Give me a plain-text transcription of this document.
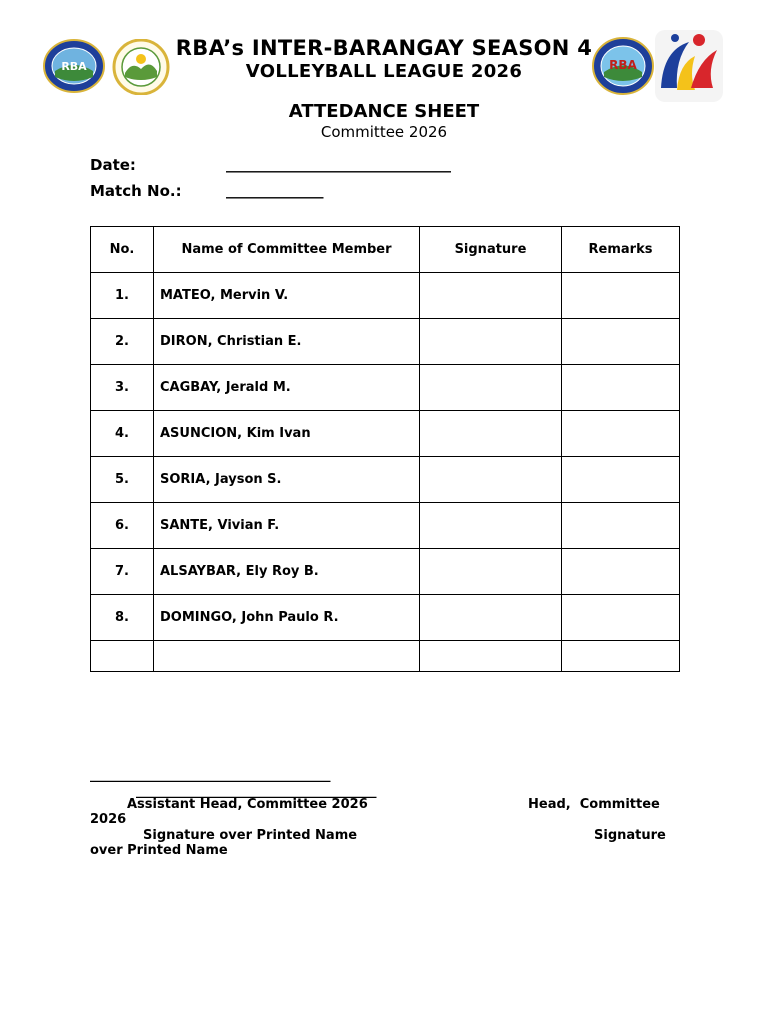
RBA	RBA
RBA’s INTER-BARANGAY SEASON 4
VOLLEYBALL LEAGUE 2026
ATTEDANCE SHEET
Committee 2026
Date:	______________________________
Match No.:	_____________
No.	Name of Committee Member	Signature	Remarks
1.	MATEO, Mervin V.		
2.	DIRON, Christian E.		
3.	CAGBAY, Jerald M.		
4.	ASUNCION, Kim Ivan		
5.	SORIA, Jayson S.		
6.	SANTE, Vivian F.		
7.	ALSAYBAR, Ely Roy B.		
8.	DOMINGO, John Paulo R.		

_____________________________________
_____________________________________
Assistant Head, Committee 2026	Head,  Committee
2026
Signature over Printed Name	Signature
over Printed Name
